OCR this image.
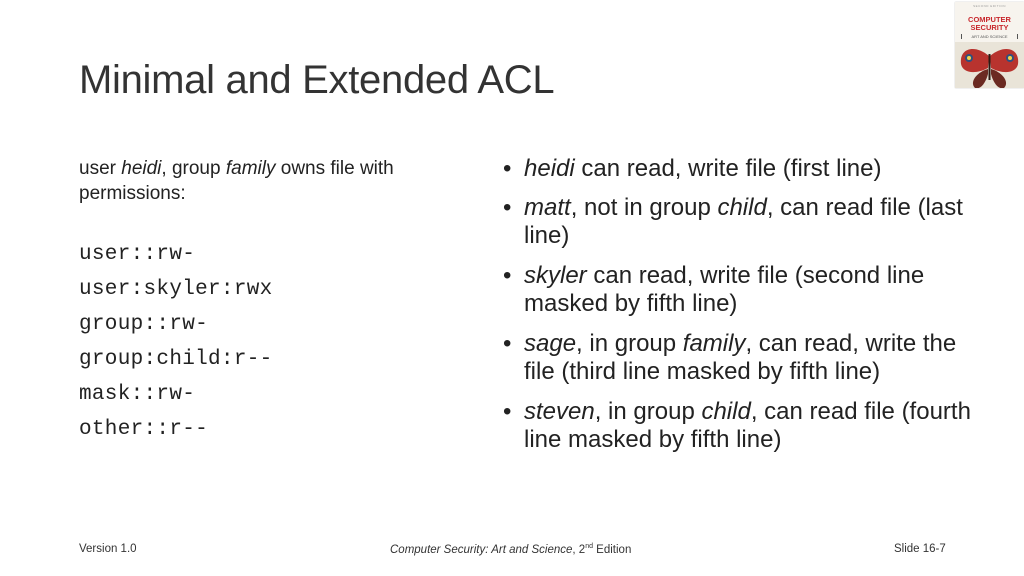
Minimal and Extended ACL
SECOND EDITION
COMPUTER
SECURITY
ART AND SCIENCE

user heidi, group family owns file with permissions:

user::rw-
user:skyler:rwx
group::rw-
group:child:r--
mask::rw-
other::r--
• heidi can read, write file (first line)
• matt, not in group child, can read file (last line)
• skyler can read, write file (second line masked by fifth line)
• sage, in group family, can read, write the file (third line masked by fifth line)
• steven, in group child, can read file (fourth line masked by fifth line)
Version 1.0	Computer Security: Art and Science, 2nd Edition	Slide 16-7
